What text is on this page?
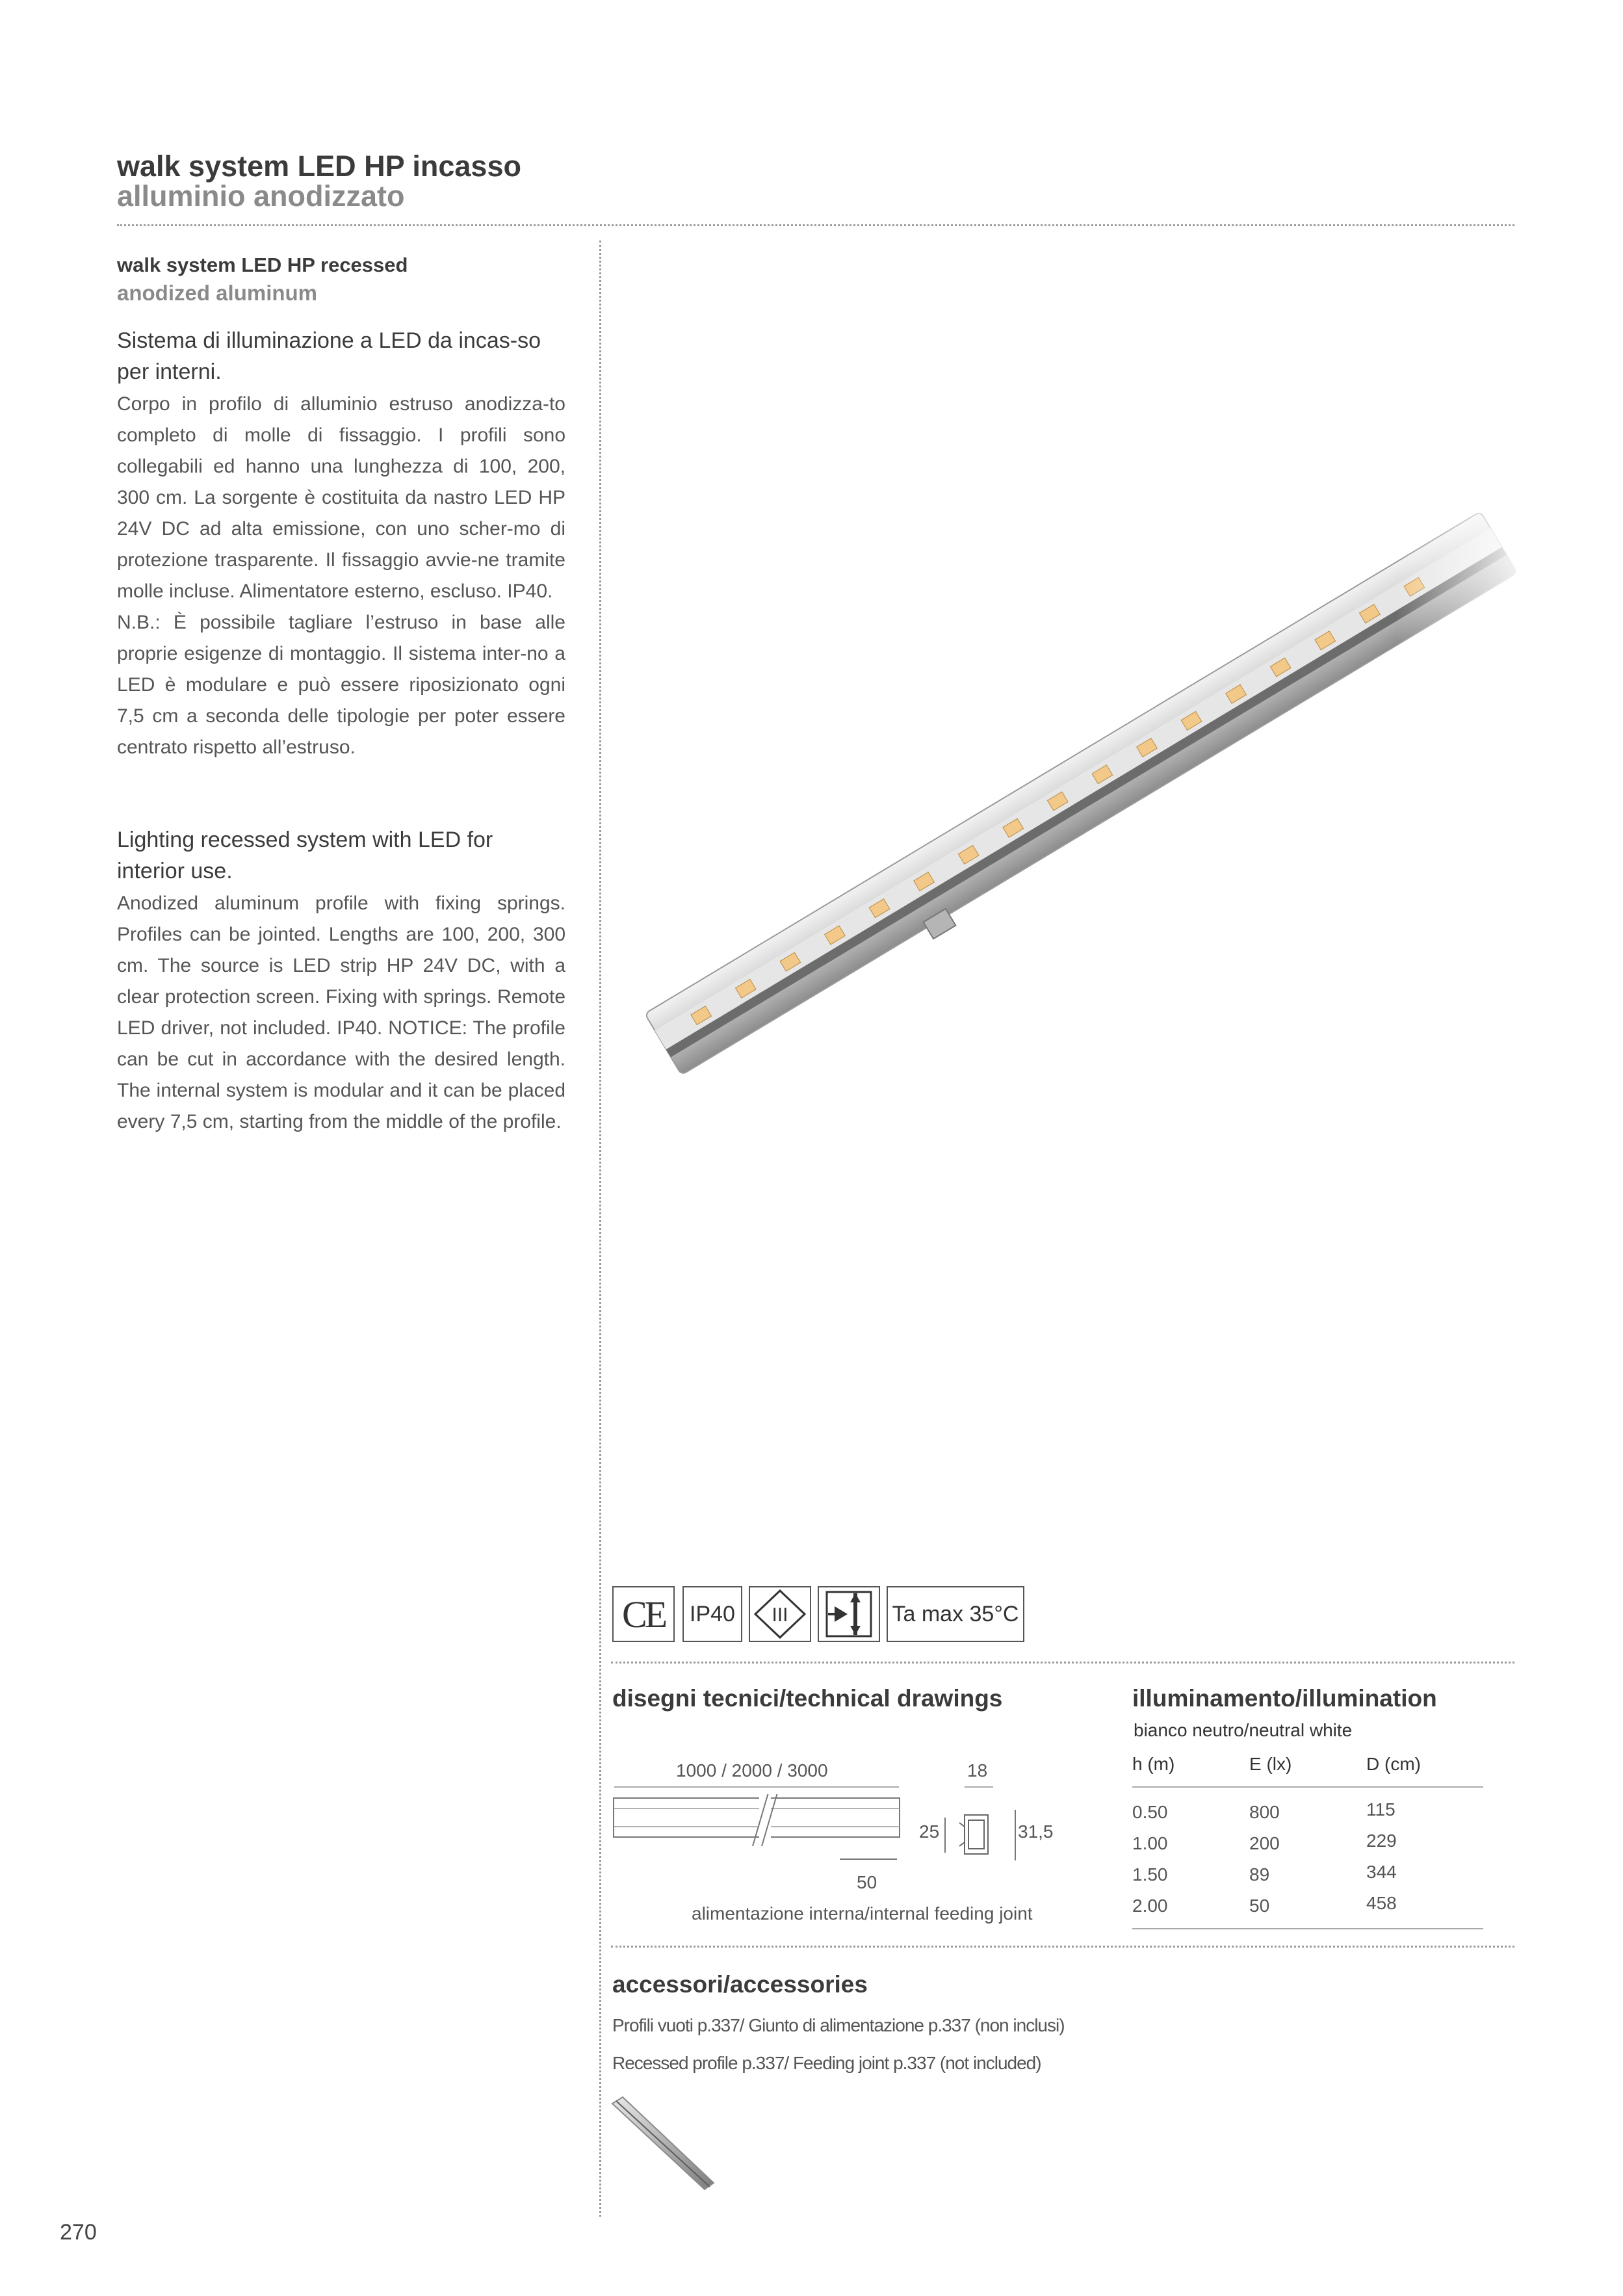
walk system LED HP incasso
alluminio anodizzato
walk system LED HP recessed
anodized aluminum
Sistema di illuminazione a LED da incas-so per interni.
Corpo in profilo di alluminio estruso anodizza-to completo di molle di fissaggio. I profili sono collegabili ed hanno una lunghezza di 100, 200, 300 cm. La sorgente è costituita da nastro LED HP 24V DC ad alta emissione, con uno scher-mo di protezione trasparente. Il fissaggio avvie-ne tramite molle incluse. Alimentatore esterno, escluso. IP40.
N.B.: È possibile tagliare l’estruso in base alle proprie esigenze di montaggio. Il sistema inter-no a LED è modulare e può essere riposizionato ogni 7,5 cm a seconda delle tipologie per poter essere centrato rispetto all’estruso.
Lighting recessed system with LED for interior use.
Anodized aluminum profile with fixing springs. Profiles can be jointed. Lengths are 100, 200, 300 cm. The source is LED strip HP 24V DC, with a clear protection screen. Fixing with springs. Remote LED driver, not included. IP40. NOTICE: The profile can be cut in accordance with the desired length. The internal system is modular and it can be placed every 7,5 cm, starting from the middle of the profile.
CE IP40 III	Ta max 35°C
disegni tecnici/technical drawings
1000 / 2000 / 3000
50
alimentazione interna/internal feeding joint
18
25	31,5
illuminamento/illumination
bianco neutro/neutral white
h (m)	E (lx)	D (cm)
0.50	800	115
1.00	200	229
1.50	89	344
2.00	50	458
accessori/accessories
Profili vuoti p.337/ Giunto di alimentazione p.337 (non inclusi)
Recessed profile p.337/ Feeding joint p.337 (not included)
270
